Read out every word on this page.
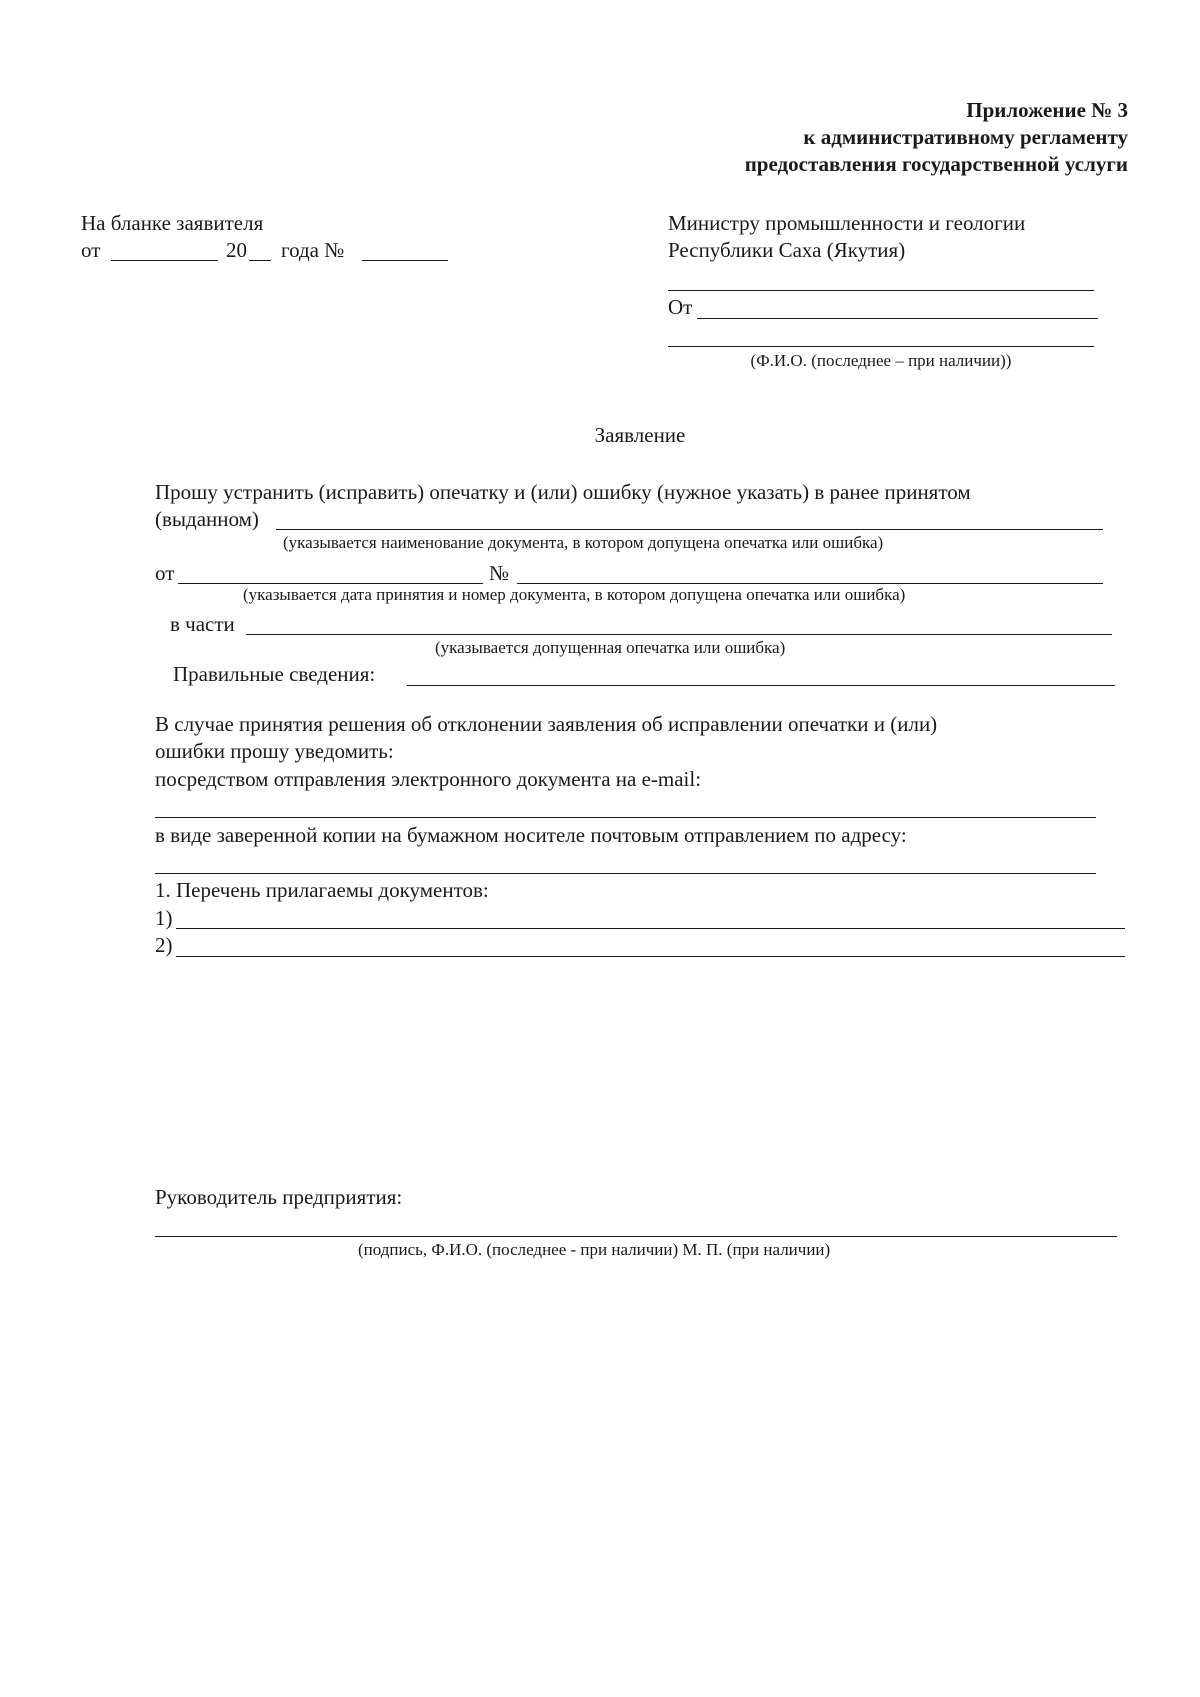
Приложение № 3
к административному регламенту
предоставления государственной услуги
На бланке заявителя
от	20 года №
Министру промышленности и геологии
Республики Саха (Якутия)
От
(Ф.И.О. (последнее – при наличии))
Заявление
Прошу устранить (исправить) опечатку и (или) ошибку (нужное указать) в ранее принятом
(выданном)
(указывается наименование документа, в котором допущена опечатка или ошибка)
от	№
(указывается дата принятия и номер документа, в котором допущена опечатка или ошибка)
в части
(указывается допущенная опечатка или ошибка)
Правильные сведения:
В случае принятия решения об отклонении заявления об исправлении опечатки и (или)
ошибки прошу уведомить:
посредством отправления электронного документа на e-mail:
в виде заверенной копии на бумажном носителе почтовым отправлением по адресу:
1. Перечень прилагаемы документов:
1)
2)
Руководитель предприятия:
(подпись, Ф.И.О. (последнее - при наличии) М. П. (при наличии)
